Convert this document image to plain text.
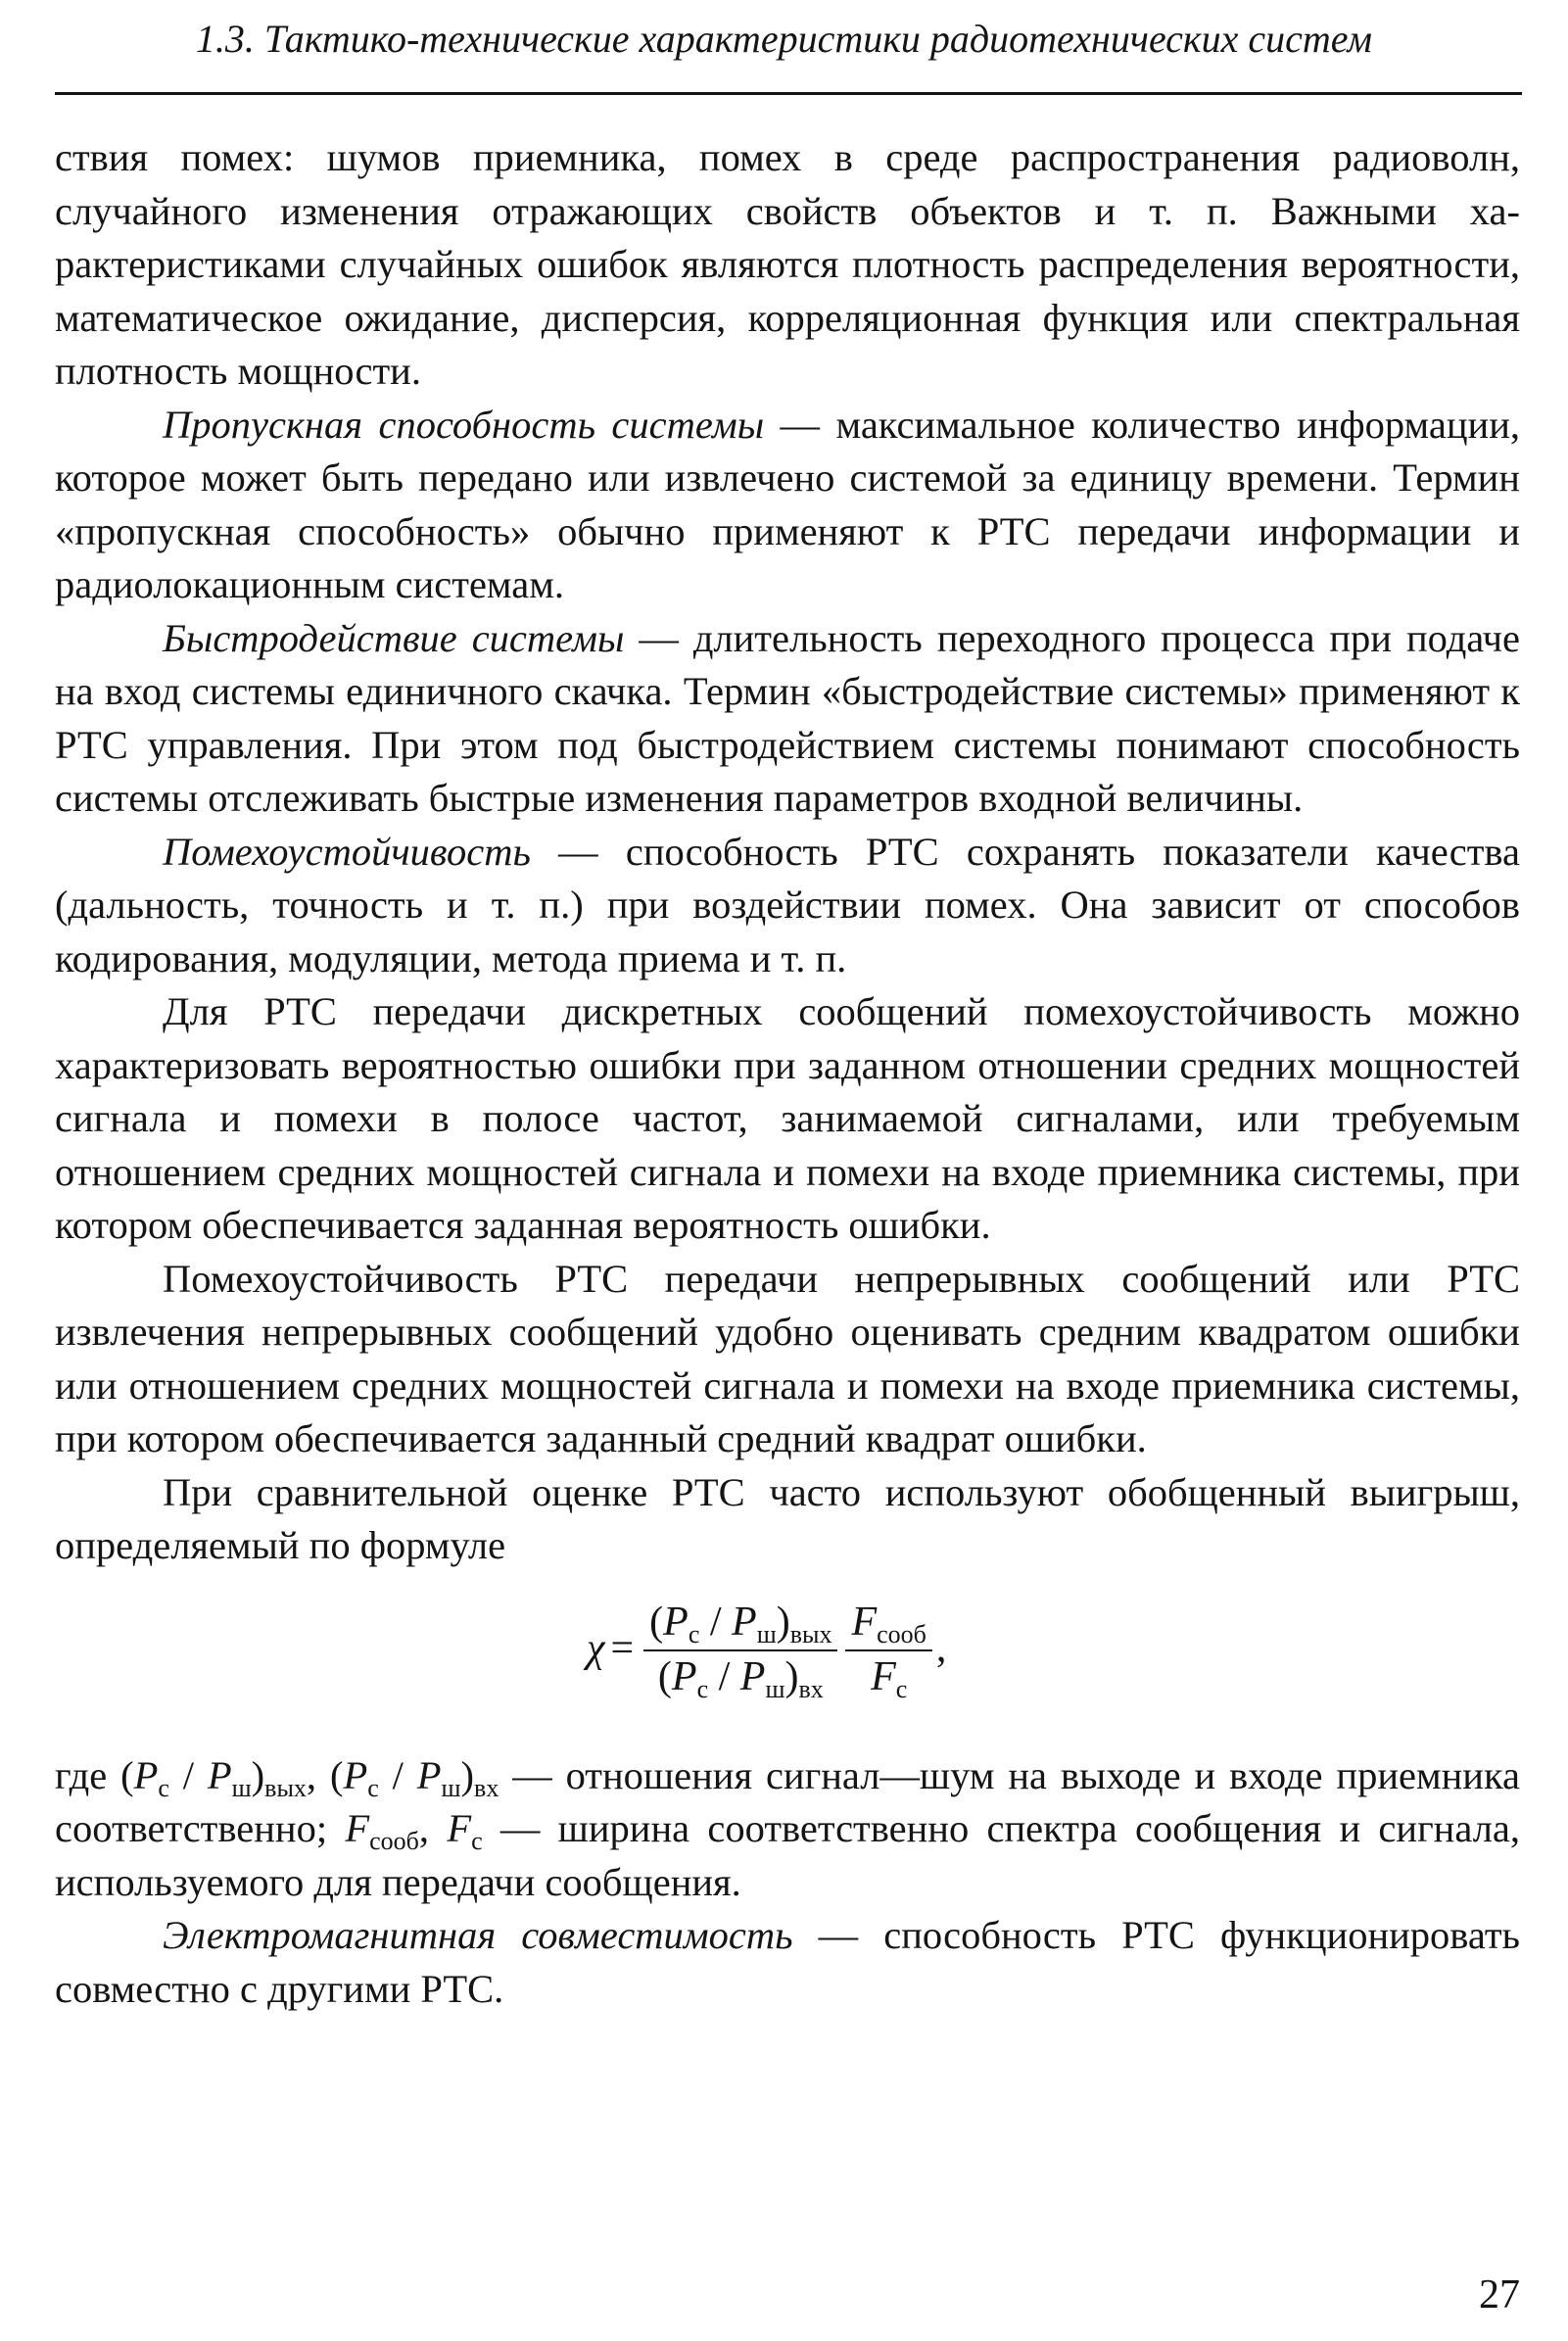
1.3. Тактико-технические характеристики радиотехнических систем

ствия помех: шумов приемника, помех в среде распространения радиоволн, случайного изменения отражающих свойств объектов и т. п. Важными характеристиками случайных ошибок являются плотность распределения вероятности, математическое ожидание, дисперсия, корреляционная функция или спектральная плотность мощности.

Пропускная способность системы — максимальное количество информации, которое может быть передано или извлечено системой за единицу времени. Термин «пропускная способность» обычно применяют к РТС передачи информации и радиолокационным системам.

Быстродействие системы — длительность переходного процесса при подаче на вход системы единичного скачка. Термин «быстродействие системы» применяют к РТС управления. При этом под быстродействием системы понимают способность системы отслеживать быстрые изменения параметров входной величины.

Помехоустойчивость — способность РТС сохранять показатели качества (дальность, точность и т. п.) при воздействии помех. Она зависит от способов кодирования, модуляции, метода приема и т. п.

Для РТС передачи дискретных сообщений помехоустойчивость можно характеризовать вероятностью ошибки при заданном отношении средних мощностей сигнала и помехи в полосе частот, занимаемой сигналами, или требуемым отношением средних мощностей сигнала и помехи на входе приемника системы, при котором обеспечивается заданная вероятность ошибки.

Помехоустойчивость РТС передачи непрерывных сообщений или РТС извлечения непрерывных сообщений удобно оценивать средним квадратом ошибки или отношением средних мощностей сигнала и помехи на входе приемника системы, при котором обеспечивается заданный средний квадрат ошибки.

При сравнительной оценке РТС часто используют обобщенный выигрыш, определяемый по формуле

$\chi = \frac{(P_c / P_ш)_{вых}}{(P_c / P_ш)_{вх}} \frac{F_{сооб}}{F_c}$ ,

где $(P_c / P_ш)_{вых}$, $(P_c / P_ш)_{вх}$ — отношения сигнал—шум на выходе и входе приемника соответственно; $F_{сооб}$, $F_c$ — ширина соответственно спектра сообщения и сигнала, используемого для передачи сообщения.

Электромагнитная совместимость — способность РТС функционировать совместно с другими РТС.

27
